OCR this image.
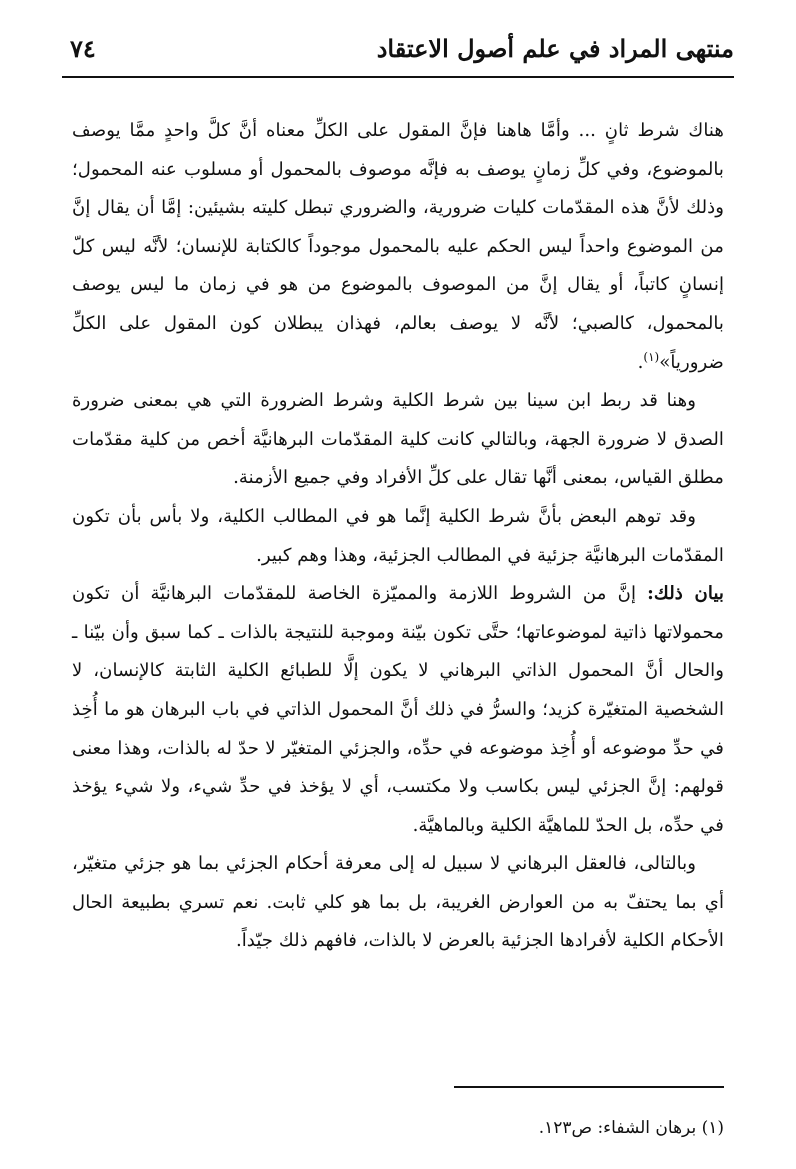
منتهى المراد في علم أصول الاعتقاد
٧٤

هناك شرط ثانٍ ... وأمَّا هاهنا فإنَّ المقول على الكلِّ معناه أنَّ كلَّ واحدٍ ممَّا يوصف بالموضوع، وفي كلِّ زمانٍ يوصف به فإنَّه موصوف بالمحمول أو مسلوب عنه المحمول؛ وذلك لأنَّ هذه المقدّمات كليات ضرورية، والضروري تبطل كليته بشيئين: إمَّا أن يقال إنَّ من الموضوع واحداً ليس الحكم عليه بالمحمول موجوداً كالكتابة للإنسان؛ لأنَّه ليس كلّ إنسانٍ كاتباً، أو يقال إنَّ من الموصوف بالموضوع من هو في زمان ما ليس يوصف بالمحمول، كالصبي؛ لأنَّه لا يوصف بعالم، فهذان يبطلان كون المقول على الكلِّ ضرورياً»$^{(١)}$.

وهنا قد ربط ابن سينا بين شرط الكلية وشرط الضرورة التي هي بمعنى ضرورة الصدق لا ضرورة الجهة، وبالتالي كانت كلية المقدّمات البرهانيَّة أخص من كلية مقدّمات مطلق القياس، بمعنى أنَّها تقال على كلِّ الأفراد وفي جميع الأزمنة.

وقد توهم البعض بأنَّ شرط الكلية إنَّما هو في المطالب الكلية، ولا بأس بأن تكون المقدّمات البرهانيَّة جزئية في المطالب الجزئية، وهذا وهم كبير.

بيان ذلك: إنَّ من الشروط اللازمة والمميّزة الخاصة للمقدّمات البرهانيَّة أن تكون محمولاتها ذاتية لموضوعاتها؛ حتَّى تكون بيّنة وموجبة للنتيجة بالذات ـ كما سبق وأن بيّنا ـ والحال أنَّ المحمول الذاتي البرهاني لا يكون إلَّا للطبائع الكلية الثابتة كالإنسان، لا الشخصية المتغيّرة كزيد؛ والسرُّ في ذلك أنَّ المحمول الذاتي في باب البرهان هو ما أُخِذ في حدِّ موضوعه أو أُخِذ موضوعه في حدِّه، والجزئي المتغيّر لا حدّ له بالذات، وهذا معنى قولهم: إنَّ الجزئي ليس بكاسب ولا مكتسب، أي لا يؤخذ في حدِّ شيء، ولا شيء يؤخذ في حدِّه، بل الحدّ للماهيَّة الكلية وبالماهيَّة.

وبالتالى، فالعقل البرهاني لا سبيل له إلى معرفة أحكام الجزئي بما هو جزئي متغيّر، أي بما يحتفّ به من العوارض الغريبة، بل بما هو كلي ثابت. نعم تسري بطبيعة الحال الأحكام الكلية لأفرادها الجزئية بالعرض لا بالذات، فافهم ذلك جيّداً.

(١) برهان الشفاء: ص١٢٣.
